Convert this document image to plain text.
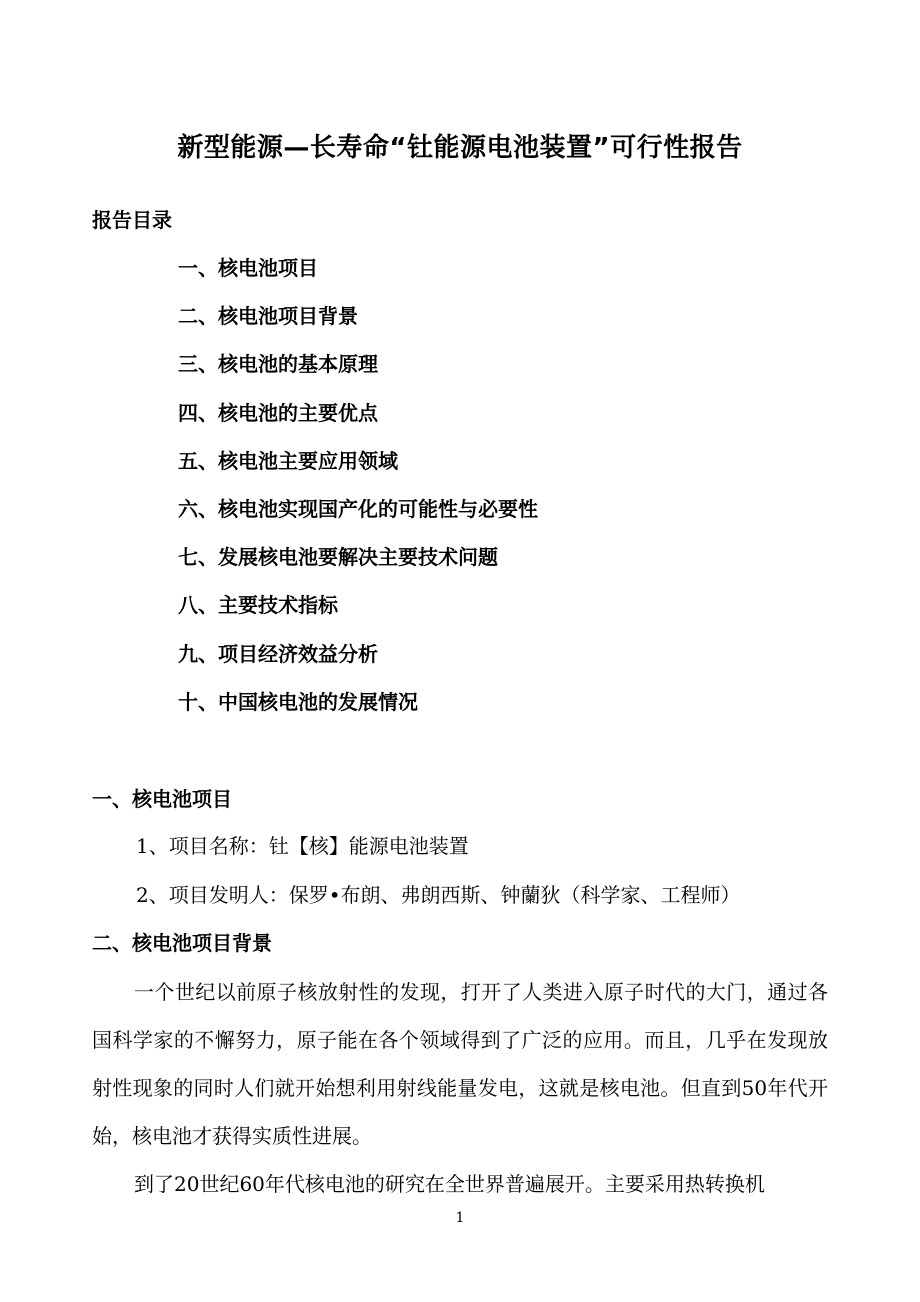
新型能源—长寿命“钍能源电池装置”可行性报告
报告目录
一、核电池项目
二、核电池项目背景
三、核电池的基本原理
四、核电池的主要优点
五、核电池主要应用领域
六、核电池实现国产化的可能性与必要性
七、发展核电池要解决主要技术问题
八、主要技术指标
九、项目经济效益分析
十、中国核电池的发展情况
一、核电池项目
1、项目名称：钍【核】能源电池装置
2、项目发明人：保罗•布朗、弗朗西斯、钟蘭狄（科学家、工程师）
二、核电池项目背景

一个世纪以前原子核放射性的发现，打开了人类进入原子时代的大门，通过各国科学家的不懈努力，原子能在各个领域得到了广泛的应用。而且，几乎在发现放射性现象的同时人们就开始想利用射线能量发电，这就是核电池。但直到50年代开始，核电池才获得实质性进展。

到了20世纪60年代核电池的研究在全世界普遍展开。主要采用热转换机

1
